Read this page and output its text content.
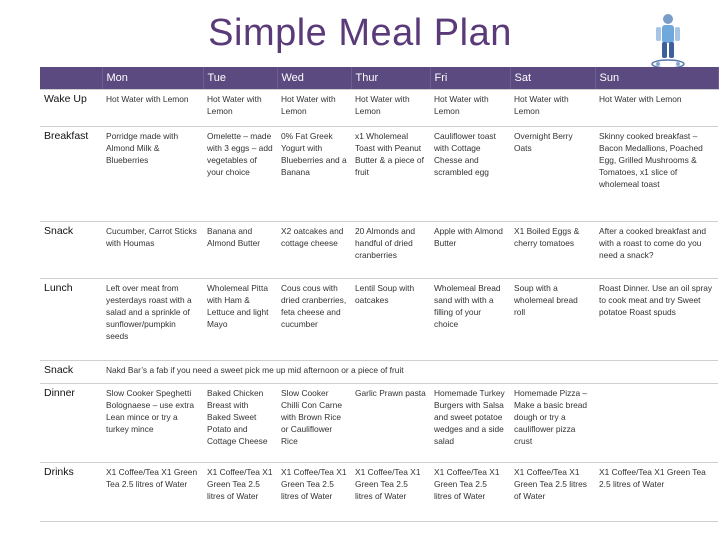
Simple Meal Plan
	Mon	Tue	Wed	Thur	Fri	Sat	Sun
Wake Up	Hot Water with Lemon	Hot Water with Lemon	Hot Water with Lemon	Hot Water with Lemon	Hot Water with Lemon	Hot Water with Lemon	Hot Water with Lemon
Breakfast	Porridge made with Almond Milk & Blueberries	Omelette – made with 3 eggs – add vegetables of your choice	0% Fat Greek Yogurt with Blueberries and a Banana	x1 Wholemeal Toast with Peanut Butter & a piece of fruit	Cauliflower toast with Cottage Chesse and scrambled egg	Overnight Berry Oats	Skinny cooked breakfast – Bacon Medallions, Poached Egg, Grilled Mushrooms & Tomatoes, x1 slice of wholemeal toast
Snack	Cucumber, Carrot Sticks with Houmas	Banana and Almond Butter	X2 oatcakes and cottage cheese	20 Almonds and handful of dried cranberries	Apple with Almond Butter	X1 Boiled Eggs & cherry tomatoes	After a cooked breakfast and with a roast to come do you need a snack?
Lunch	Left over meat from yesterdays roast with a salad and a sprinkle of sunflower/pumpkin seeds	Wholemeal Pitta with Ham & Lettuce and light Mayo	Cous cous with dried cranberries, feta cheese and cucumber	Lentil Soup with oatcakes	Wholemeal Bread sand with with a filling of your choice	Soup with a wholemeal bread roll	Roast Dinner. Use an oil spray to cook meat and try Sweet potatoe Roast spuds
Snack	Nakd Bar’s a fab if you need a sweet pick me up mid afternoon or a piece of fruit						
Dinner	Slow Cooker Speghetti Bolognaese – use extra Lean mince or try a turkey mince	Baked Chicken Breast with Baked Sweet Potato and Cottage Cheese	Slow Cooker Chilli Con Carne with Brown Rice or Cauliflower Rice	Garlic Prawn pasta	Homemade Turkey Burgers with Salsa and sweet potatoe wedges and a side salad	Homemade Pizza – Make a basic bread dough or try a cauliflower pizza crust	
Drinks	X1 Coffee/Tea X1 Green Tea 2.5 litres of Water	X1 Coffee/Tea X1 Green Tea 2.5 litres of Water	X1 Coffee/Tea X1 Green Tea 2.5 litres of Water	X1 Coffee/Tea X1 Green Tea 2.5 litres of Water	X1 Coffee/Tea X1 Green Tea 2.5 litres of Water	X1 Coffee/Tea X1 Green Tea 2.5 litres of Water	X1 Coffee/Tea X1 Green Tea 2.5 litres of Water
